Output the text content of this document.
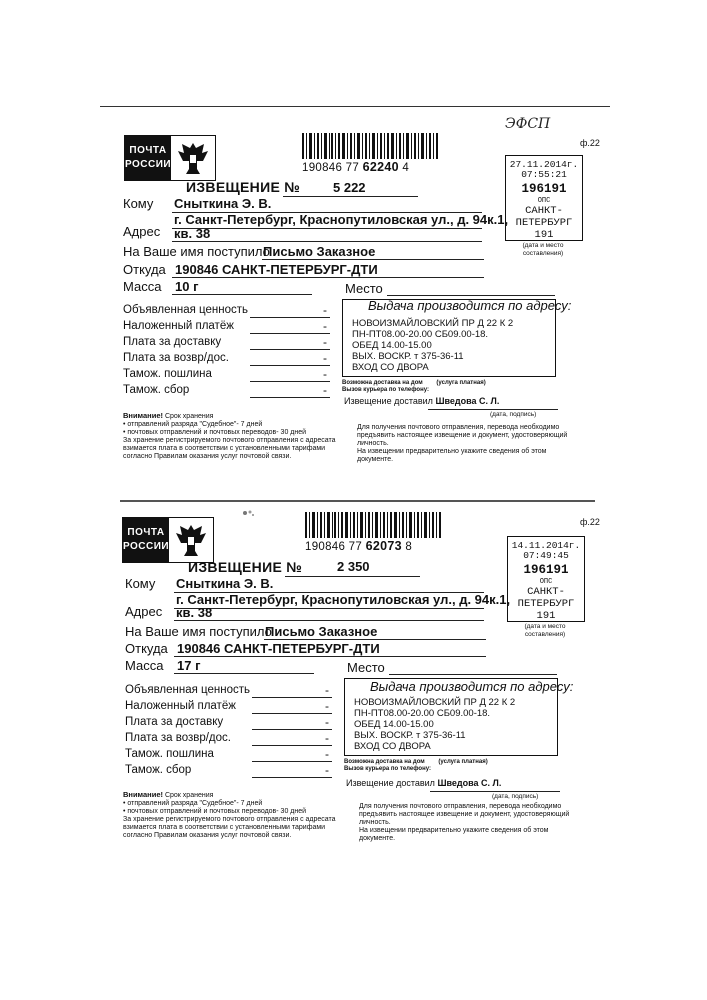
ЭФСП
ф.22
ПОЧТА
РОССИИ	190846 77 62240 4	27.11.2014г.
07:55:21
196191
ОПС
САНКТ-
ПЕТЕРБУРГ
191
(дата и место
составления)
ИЗВЕЩЕНИЕ №	5 222
Кому Сныткина Э. В.
г. Санкт-Петербург, Краснопутиловская ул., д. 94к.1,
Адрес кв. 38
На Ваше имя поступило
Письмо Заказное
Откуда 190846 САНКТ-ПЕТЕРБУРГ-ДТИ
Масса 10 г	Место
Объявленная ценность	-
Наложенный платёж	-
Плата за доставку	-
Плата за возвр/дос.	-
Тамож. пошлина	-
Тамож. сбор	-
Выдача производится по адресу:
НОВОИЗМАЙЛОВСКИЙ ПР Д 22 К 2
ПН-ПТ08.00-20.00 СБ09.00-18.
ОБЕД 14.00-15.00
ВЫХ. ВОСКР. т 375-36-11
ВХОД СО ДВОРА
Возможна доставка на дом (услуга платная)
Вызов курьера по телефону:
Извещение доставил Шведова С. Л.
(дата, подпись)
Внимание! Срок хранения
• отправлений разряда "Судебное"- 7 дней
• почтовых отправлений и почтовых переводов- 30 дней
За хранение регистрируемого почтового отправления с адресата
взимается плата в соответствии с установленными тарифами
согласно Правилам оказания услуг почтовой связи.
Для получения почтового отправления, перевода необходимо
предъявить настоящее извещение и документ, удостоверяющий
личность.
На извещении предварительно укажите сведения об этом
документе.
ф.22
ПОЧТА
РОССИИ	190846 77 62073 8	14.11.2014г.
07:49:45
196191
ОПС
САНКТ-
ПЕТЕРБУРГ
191
(дата и место
составления)
ИЗВЕЩЕНИЕ №	2 350
Кому Сныткина Э. В.
г. Санкт-Петербург, Краснопутиловская ул., д. 94к.1,
Адрес кв. 38
На Ваше имя поступило
Письмо Заказное
Откуда 190846 САНКТ-ПЕТЕРБУРГ-ДТИ
Масса 17 г	Место
Объявленная ценность	-
Наложенный платёж	-
Плата за доставку	-
Плата за возвр/дос.	-
Тамож. пошлина	-
Тамож. сбор	-
Выдача производится по адресу:
НОВОИЗМАЙЛОВСКИЙ ПР Д 22 К 2
ПН-ПТ08.00-20.00 СБ09.00-18.
ОБЕД 14.00-15.00
ВЫХ. ВОСКР. т 375-36-11
ВХОД СО ДВОРА
Возможна доставка на дом (услуга платная)
Вызов курьера по телефону:
Извещение доставил Шведова С. Л.
(дата, подпись)
Внимание! Срок хранения
• отправлений разряда "Судебное"- 7 дней
• почтовых отправлений и почтовых переводов- 30 дней
За хранение регистрируемого почтового отправления с адресата
взимается плата в соответствии с установленными тарифами
согласно Правилам оказания услуг почтовой связи.
Для получения почтового отправления, перевода необходимо
предъявить настоящее извещение и документ, удостоверяющий
личность.
На извещении предварительно укажите сведения об этом
документе.
